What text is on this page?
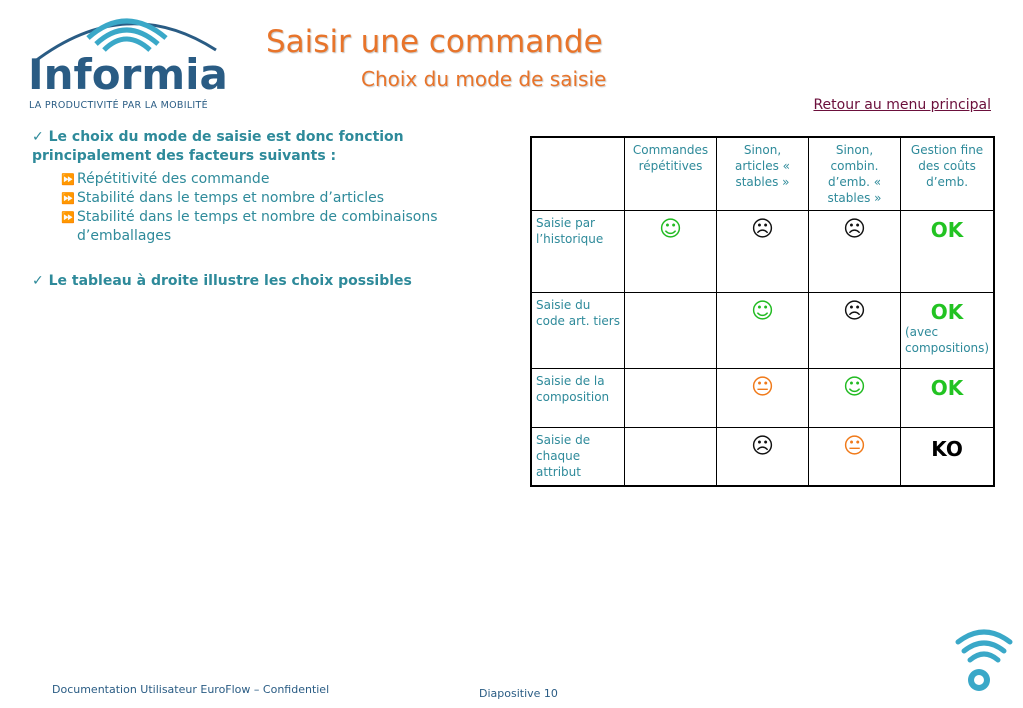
Informia
LA PRODUCTIVITÉ PAR LA MOBILITÉ
Saisir une commande
Choix du mode de saisie
Retour au menu principal

✓ Le choix du mode de saisie est donc fonction principalement des facteurs suivants :

⏩ Répétitivité des commande
⏩ Stabilité dans le temps et nombre d’articles
⏩ Stabilité dans le temps et nombre de combinaisons d’emballages

✓ Le tableau à droite illustre les choix possibles

	Commandes répétitives	Sinon, articles « stables »	Sinon, combin. d’emb. « stables »	Gestion fine des coûts d’emb.
Saisie par l’historique	☺	☹	☹	OK

Saisie du code art. tiers		☺	☹	OK
(avec compositions)

Saisie de la composition		😐	☺	OK

Saisie de chaque attribut		☹	😐	KO
Documentation Utilisateur EuroFlow – Confidentiel	Diapositive 10
